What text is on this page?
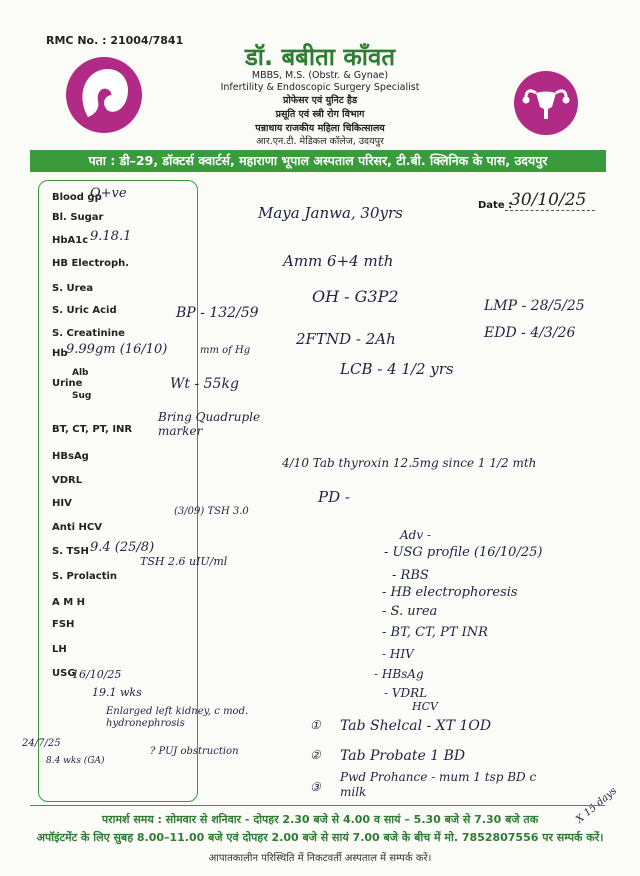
RMC No. : 21004/7841
डॉ. बबीता काँवत
MBBS, M.S. (Obstr. & Gynae)
Infertility & Endoscopic Surgery Specialist
प्रोफेसर एवं युनिट हैड
प्रसूति एवं स्त्री रोग विभाग
पन्नाधाय राजकीय महिला चिकित्सालय
आर.एन.टी. मेडिकल कॉलेज, उदयपुर
पता : डी–29, डॉक्टर्स क्वार्टर्स, महाराणा भूपाल अस्पताल परिसर, टी.बी. क्लिनिक के पास, उदयपुर
Date :
30/10/25
Blood gp
O+ve
Bl. Sugar
HbA1c 9.18.1
HB Electroph.
S. Urea
S. Uric Acid
S. Creatinine
Hb
9.99gm (16/10)
Urine
BT, CT, PT, INR
HBsAg
VDRL
HIV
Anti HCV
S. TSH 9.4 (25/8)
S. Prolactin
A M H
FSH
LH
USG
Alb
Sug
Maya Janwa, 30yrs
Amm 6+4 mth
OH - G3P2
2FTND - 2Ah
LCB - 4 1/2 yrs
LMP - 28/5/25
EDD - 4/3/26
BP - 132/59
mm of Hg
Wt - 55kg
Bring Quadruple marker
(3/09) TSH 3.0
TSH 2.6 uIU/ml
4/10 Tab thyroxin 12.5mg since 1 1/2 mth
PD -
Adv -
- USG profile (16/10/25)
- RBS
- HB electrophoresis
- S. urea
- BT, CT, PT INR
- HIV
- HBsAg
- VDRL
HCV
16/10/25
19.1 wks
Enlarged left kidney, c mod. hydronephrosis
? PUJ obstruction
24/7/25
8.4 wks (GA)
① Tab Shelcal - XT 1OD
② Tab Probate 1 BD
③
Pwd Prohance - mum 1 tsp BD c milk	X 15 days
परामर्श समय : सोमवार से शनिवार - दोपहर 2.30 बजे से 4.00 व सायं – 5.30 बजे से 7.30 बजे तक
अपॉइंटमेंट के लिए सुबह 8.00–11.00 बजे एवं दोपहर 2.00 बजे से सायं 7.00 बजे के बीच में मो. 7852807556 पर सम्पर्क करें।
आपातकालीन परिस्थिति में निकटवर्ती अस्पताल में सम्पर्क करें।
